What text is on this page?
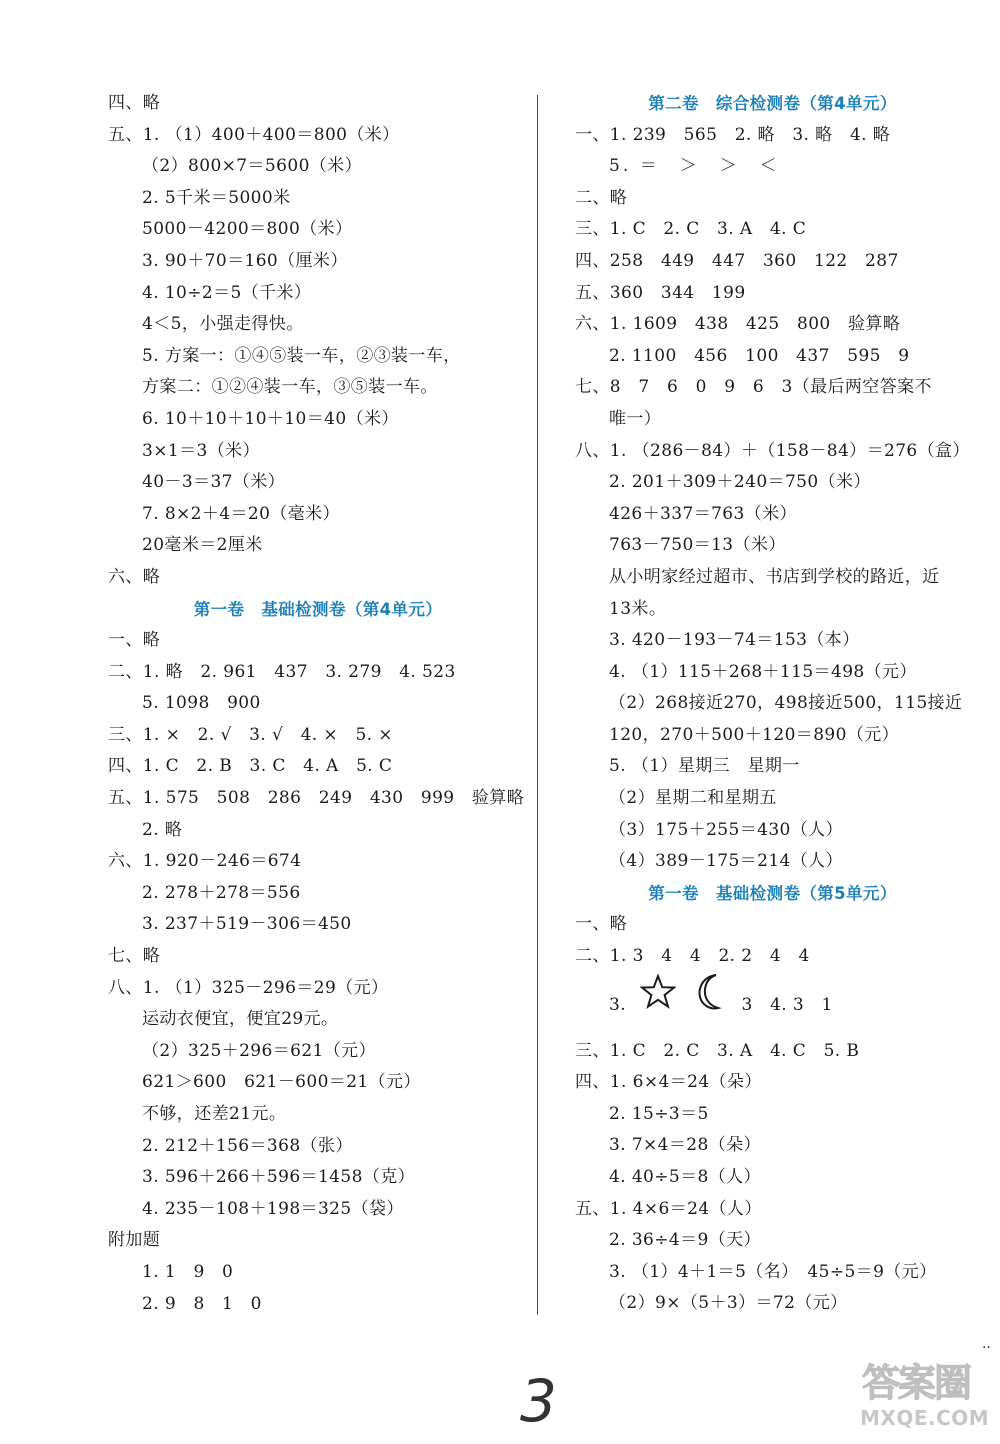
四、略
五、1. （1）400＋400＝800（米）
（2）800×7＝5600（米）
2. 5千米＝5000米
5000－4200＝800（米）
3. 90＋70＝160（厘米）
4. 10÷2＝5（千米）
4＜5，小强走得快。
5. 方案一：①④⑤装一车，②③装一车，
方案二：①②④装一车，③⑤装一车。
6. 10＋10＋10＋10＝40（米）
3×1＝3（米）
40－3＝37（米）
7. 8×2＋4＝20（毫米）
20毫米＝2厘米
六、略
第一卷　基础检测卷（第4单元）
一、略
二、1. 略　2. 961　437　3. 279　4. 523
5. 1098　900
三、1. ×　2. √　3. √　4. ×　5. ×
四、1. C　2. B　3. C　4. A　5. C
五、1. 575　508　286　249　430　999　验算略
2. 略
六、1. 920－246＝674
2. 278＋278＝556
3. 237＋519－306＝450
七、略
八、1. （1）325－296＝29（元）
运动衣便宜，便宜29元。
（2）325＋296＝621（元）
621＞600　621－600＝21（元）
不够，还差21元。
2. 212＋156＝368（张）
3. 596＋266＋596＝1458（克）
4. 235－108＋198＝325（袋）
附加题
1. 1　9　0
2. 9　8　1　0
第二卷　综合检测卷（第4单元）
一、1. 239　565　2. 略　3. 略　4. 略
5. ＝　＞　＞　＜
二、略
三、1. C　2. C　3. A　4. C
四、258　449　447　360　122　287
五、360　344　199
六、1. 1609　438　425　800　验算略
2. 1100　456　100　437　595　9
七、8　7　6　0　9　6　3（最后两空答案不
唯一）
八、1. （286－84）＋（158－84）＝276（盒）
2. 201＋309＋240＝750（米）
426＋337＝763（米）
763－750＝13（米）
从小明家经过超市、书店到学校的路近，近
13米。
3. 420－193－74＝153（本）
4. （1）115＋268＋115＝498（元）
（2）268接近270，498接近500，115接近
120，270＋500＋120＝890（元）
5. （1）星期三　星期一
（2）星期二和星期五
（3）175＋255＝430（人）
（4）389－175＝214（人）
第一卷　基础检测卷（第5单元）
一、略
二、1. 3　4　4　2. 2　4　4
3.	3　4. 3　1
三、1. C　2. C　3. A　4. C　5. B
四、1. 6×4＝24（朵）
2. 15÷3＝5
3. 7×4＝28（朵）
4. 40÷5＝8（人）
五、1. 4×6＝24（人）
2. 36÷4＝9（天）
3. （1）4＋1＝5（名）　45÷5＝9（元）
（2）9×（5＋3）＝72（元）
3
··
答案圈
MXQE.COM
